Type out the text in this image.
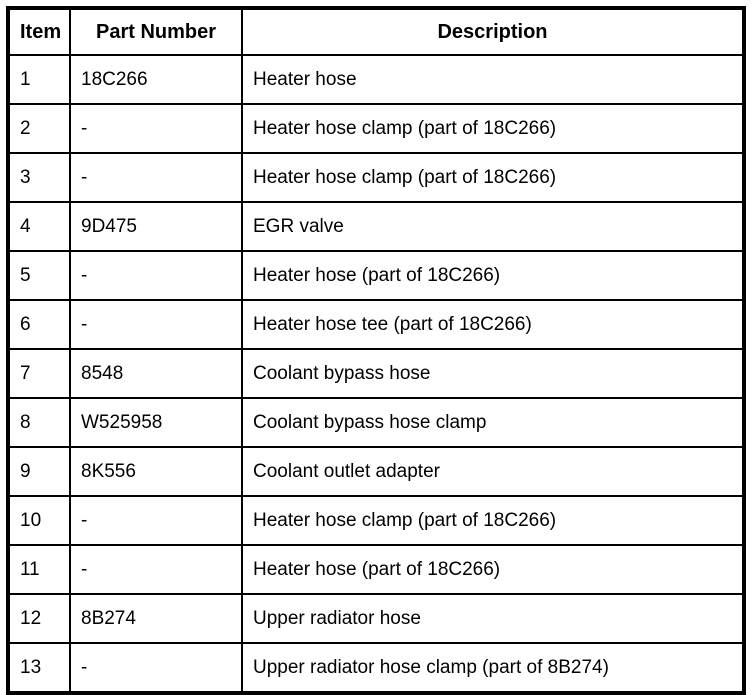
Item	Part Number	Description
1	18C266	Heater hose
2	-	Heater hose clamp (part of 18C266)
3	-	Heater hose clamp (part of 18C266)
4	9D475	EGR valve
5	-	Heater hose (part of 18C266)
6	-	Heater hose tee (part of 18C266)
7	8548	Coolant bypass hose
8	W525958	Coolant bypass hose clamp
9	8K556	Coolant outlet adapter
10	-	Heater hose clamp (part of 18C266)
11	-	Heater hose (part of 18C266)
12	8B274	Upper radiator hose
13	-	Upper radiator hose clamp (part of 8B274)
